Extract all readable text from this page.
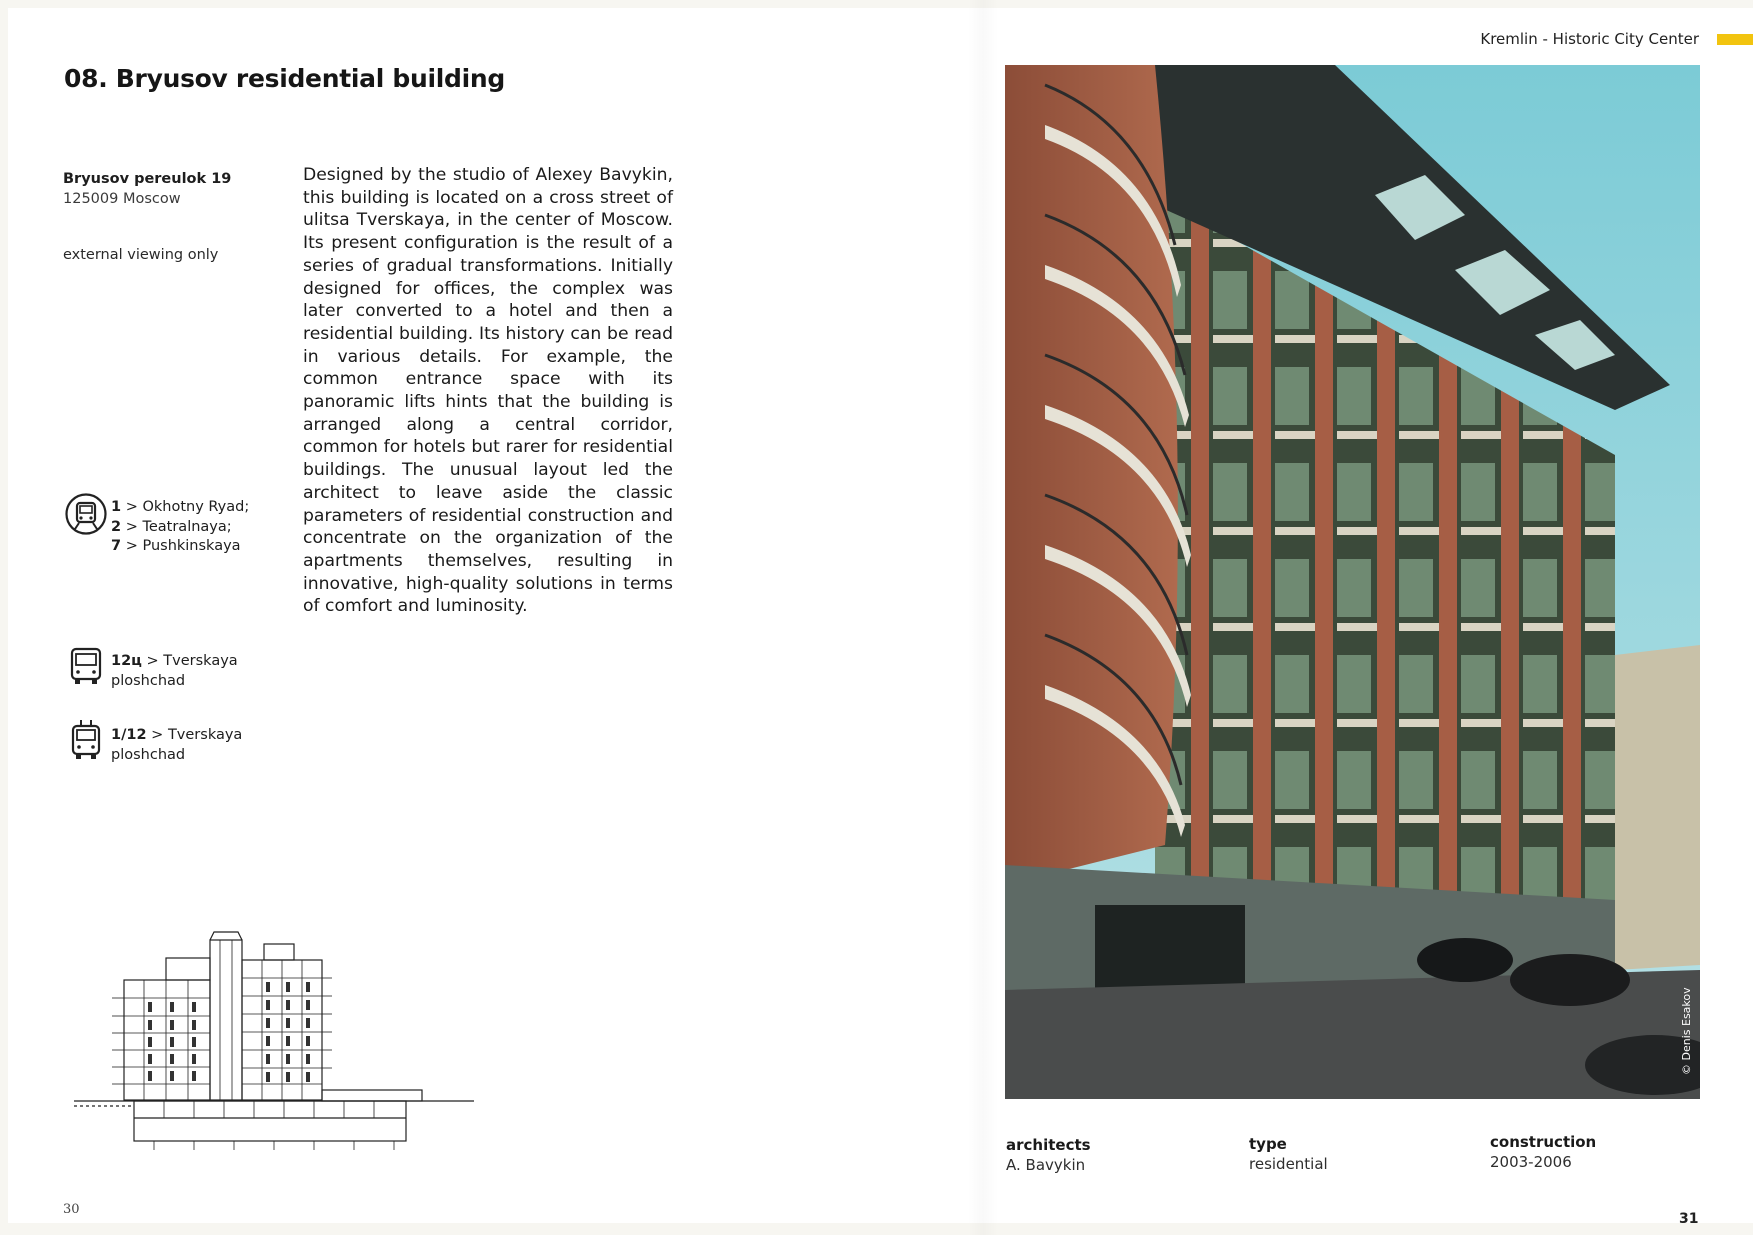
08. Bryusov residential building
Bryusov pereulok 19
125009 Moscow
external viewing only

Designed by the studio of Alexey Bavykin, this building is located on a cross street of ulitsa Tverskaya, in the center of Moscow. Its present configuration is the result of a series of gradual transformations. Initially designed for offices, the complex was later converted to a hotel and then a residential building. Its history can be read in various details. For example, the common entrance space with its panoramic lifts hints that the building is arranged along a central corridor, common for hotels but rarer for residential buildings. The unusual layout led the architect to leave aside the classic parameters of residential construction and concentrate on the organization of the apartments themselves, resulting in innovative, high-quality solutions in terms of comfort and luminosity.

1 > Okhotny Ryad;
2 > Teatralnaya;
7 > Pushkinskaya
12ц > Tverskaya ploshchad
1/12 > Tverskaya ploshchad
30
Kremlin - Historic City Center
© Denis Esakov
architects
A. Bavykin
type
residential
construction
2003-2006
31
